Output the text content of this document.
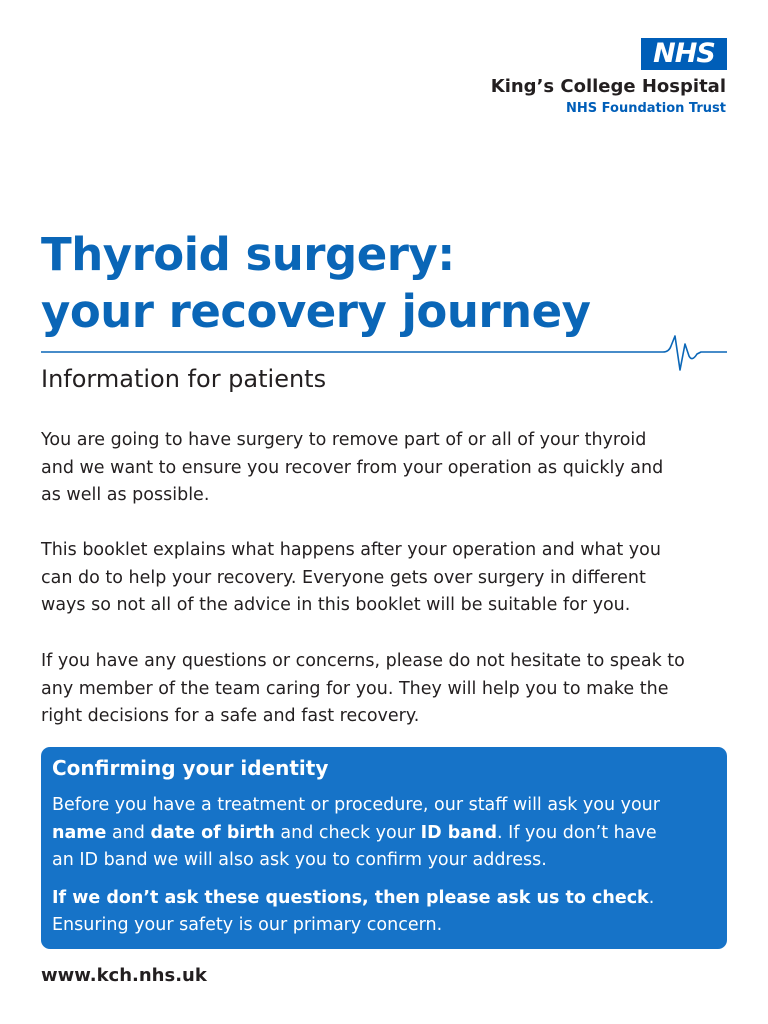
NHS
King’s College Hospital
NHS Foundation Trust
Thyroid surgery:
your recovery journey
Information for patients

You are going to have surgery to remove part of or all of your thyroid
and we want to ensure you recover from your operation as quickly and
as well as possible.

This booklet explains what happens after your operation and what you
can do to help your recovery. Everyone gets over surgery in different
ways so not all of the advice in this booklet will be suitable for you.

If you have any questions or concerns, please do not hesitate to speak to
any member of the team caring for you. They will help you to make the
right decisions for a safe and fast recovery.

Confirming your identity
Before you have a treatment or procedure, our staff will ask you your
name and date of birth and check your ID band. If you don’t have
an ID band we will also ask you to confirm your address.
If we don’t ask these questions, then please ask us to check.
Ensuring your safety is our primary concern.
www.kch.nhs.uk
